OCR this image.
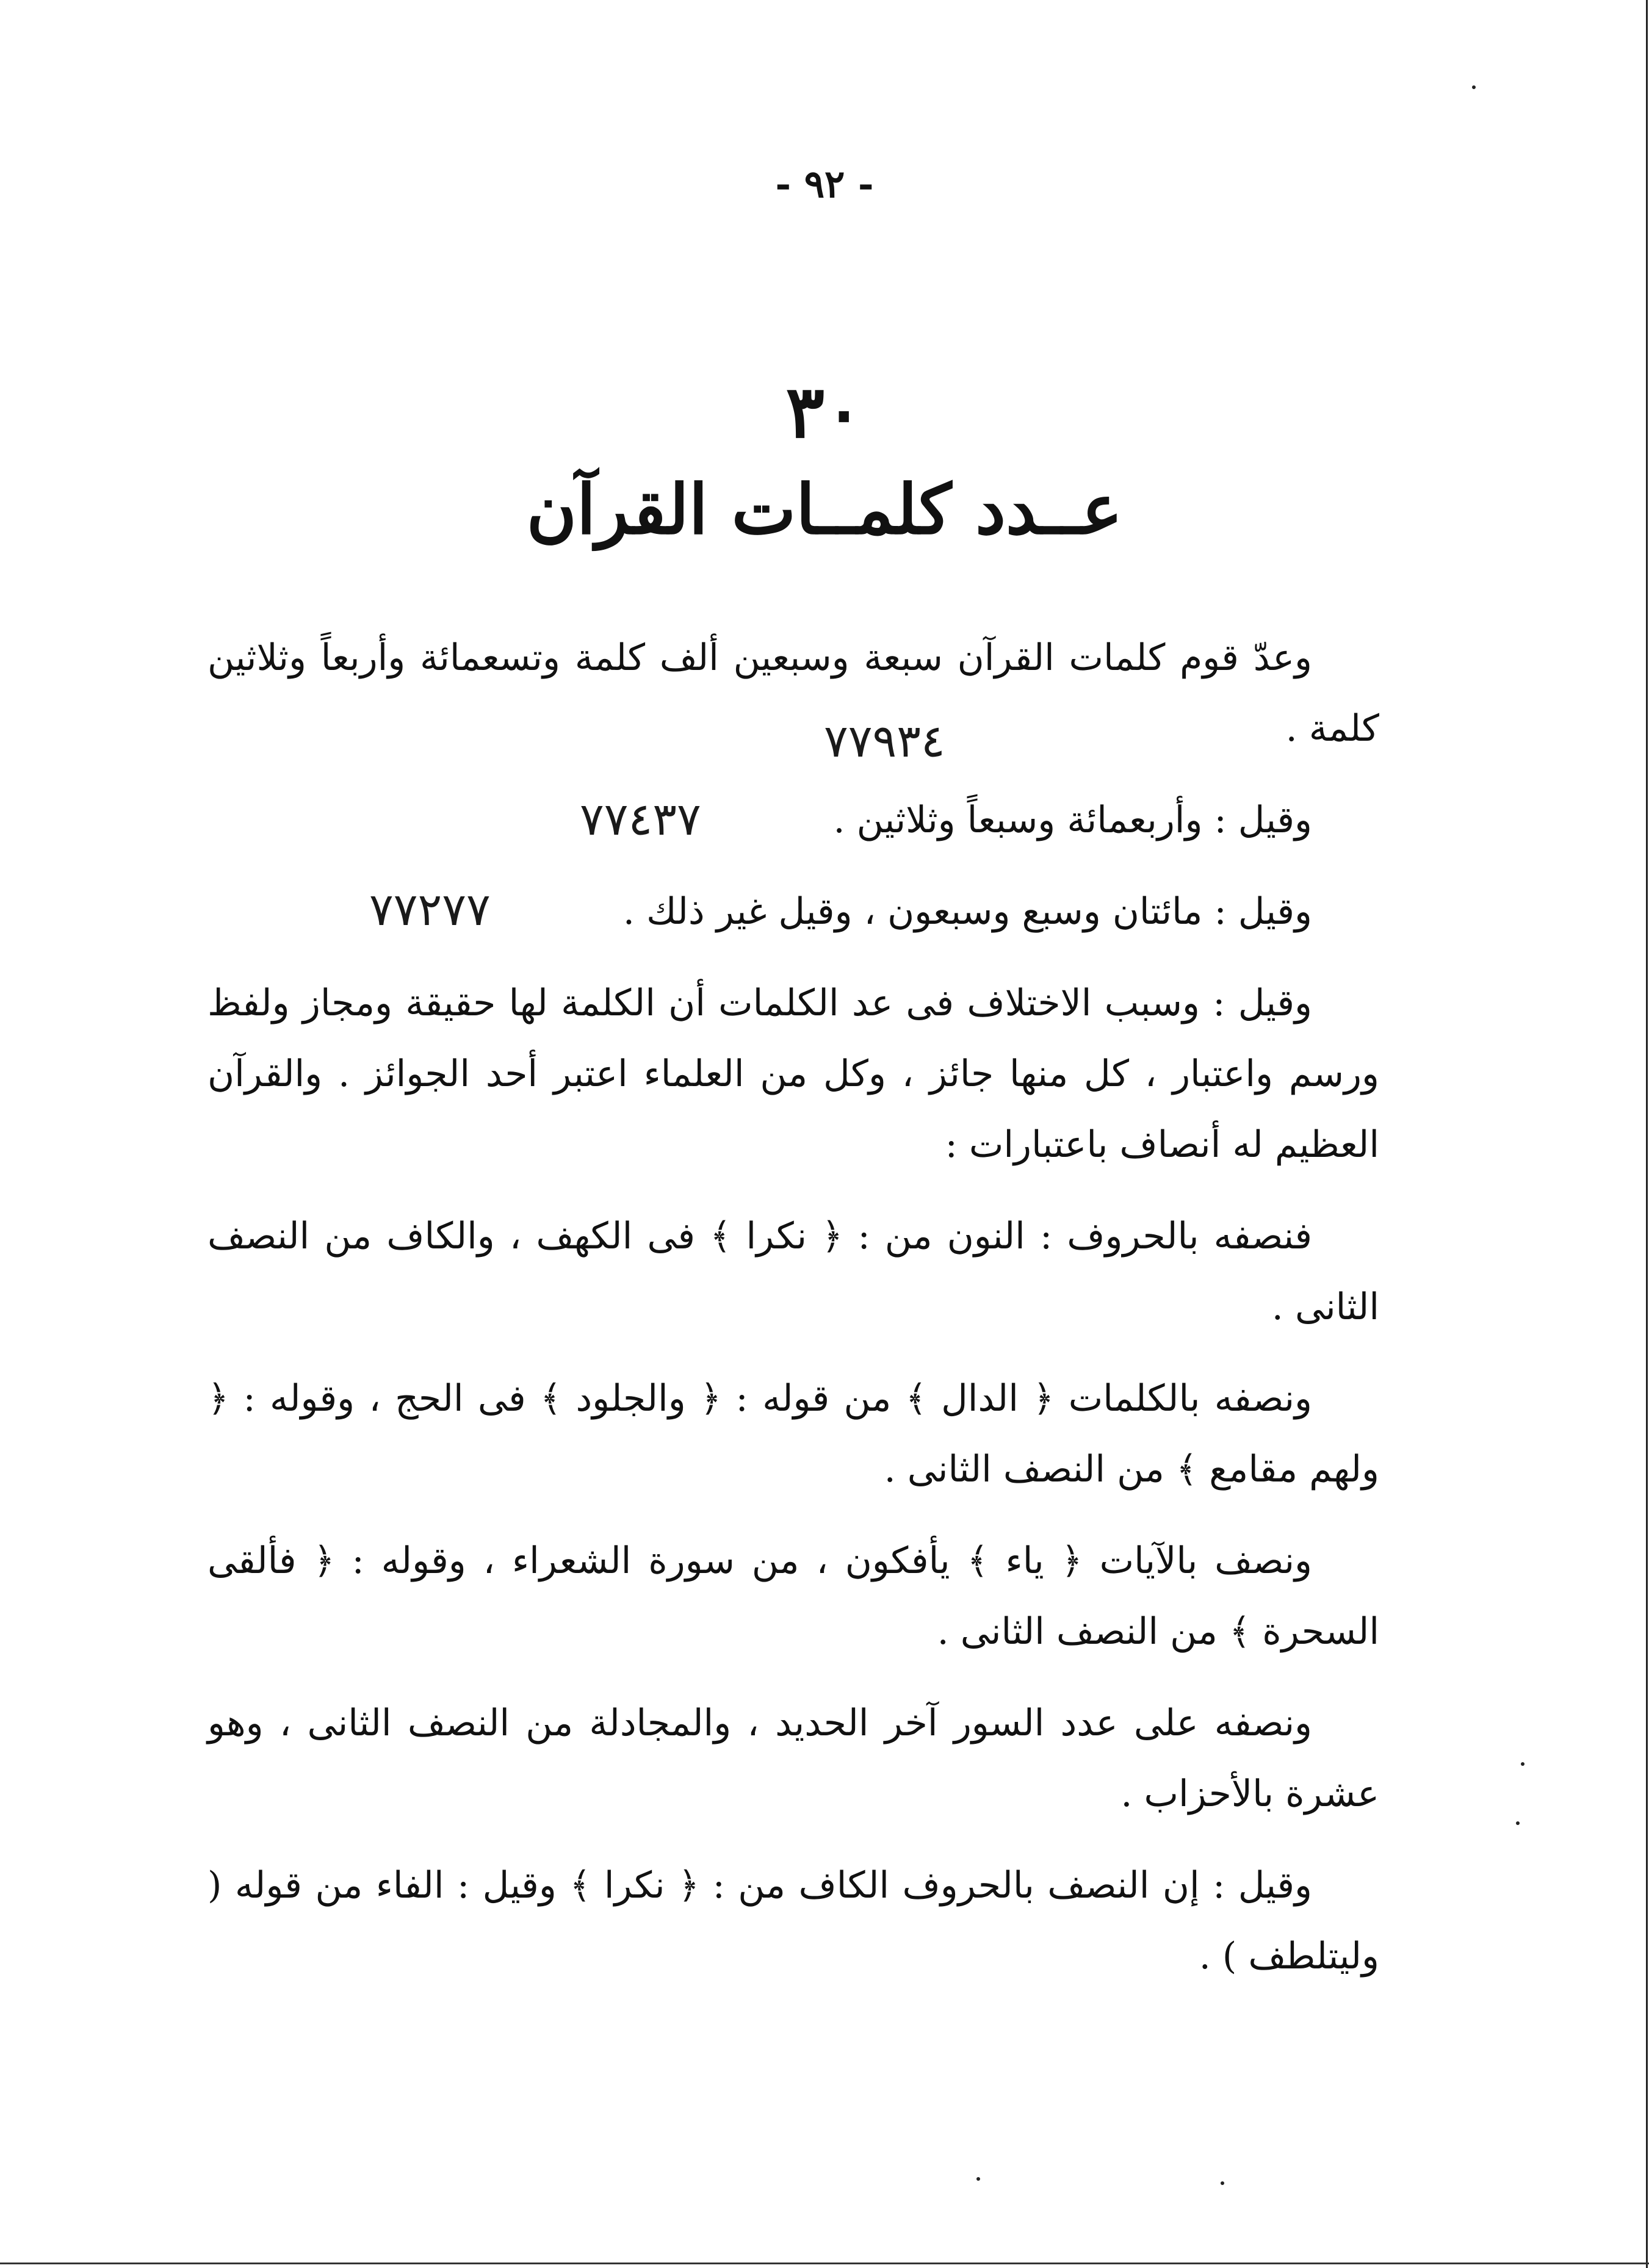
- ٩٢ -
٣٠
عــدد كلمــات القرآن

وعدّ قوم كلمات القرآن سبعة وسبعين ألف كلمة وتسعمائة وأربعاً وثلاثين كلمة .

وقيل : وأربعمائة وسبعاً وثلاثين .

وقيل : مائتان وسبع وسبعون ، وقيل غير ذلك .

وقيل : وسبب الاختلاف فى عد الكلمات أن الكلمة لها حقيقة ومجاز ولفظ ورسم واعتبار ، كل منها جائز ، وكل من العلماء اعتبر أحد الجوائز . والقرآن العظيم له أنصاف باعتبارات :

فنصفه بالحروف : النون من : ﴿ نكرا ﴾ فى الكهف ، والكاف من النصف الثانى .

ونصفه بالكلمات ﴿ الدال ﴾ من قوله : ﴿ والجلود ﴾ فى الحج ، وقوله : ﴿ ولهم مقامع ﴾ من النصف الثانى .

ونصف بالآيات ﴿ ياء ﴾ يأفكون ، من سورة الشعراء ، وقوله : ﴿ فألقى السحرة ﴾ من النصف الثانى .

ونصفه على عدد السور آخر الحديد ، والمجادلة من النصف الثانى ، وهو عشرة بالأحزاب .

وقيل : إن النصف بالحروف الكاف من : ﴿ نكرا ﴾ وقيل : الفاء من قوله ( وليتلطف ) .

٧٧٩٣٤
٧٧٤٣٧
٧٧٢٧٧
